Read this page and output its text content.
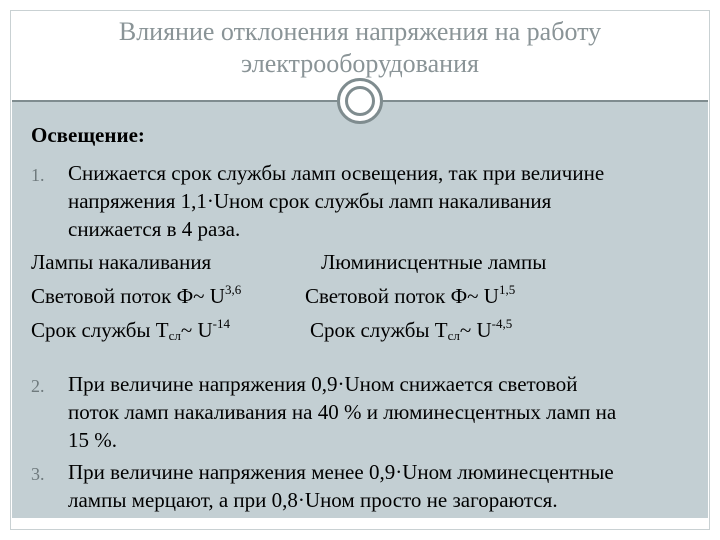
Влияние отклонения напряжения на работу
электрооборудования
Освещение:
1. Снижается срок службы ламп освещения, так при величине
напряжения 1,1·Uном срок службы ламп накаливания
снижается в 4 раза.
Лампы накаливания	Люминисцентные лампы
Световой поток Ф~ U$^{3,6}$	Световой поток Ф~ U$^{1,5}$
Срок службы $Т_{сл}\sim$ $U^{-14}$	Срок службы $Т_{сл}\sim$ $U^{-4,5}$
2. При величине напряжения 0,9·Uном снижается световой
поток ламп накаливания на 40 % и люминесцентных ламп на
15 %.
3. При величине напряжения менее 0,9·Uном люминесцентные
лампы мерцают, а при 0,8·Uном просто не загораются.
